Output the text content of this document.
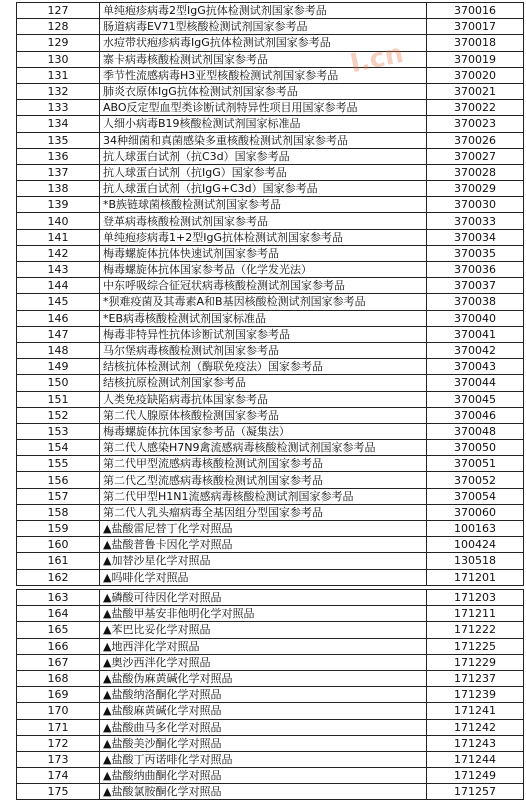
127	单纯疱疹病毒2型IgG抗体检测试剂国家参考品	370016
128	肠道病毒EV71型核酸检测试剂国家参考品	370017
129	水痘带状疱疹病毒IgG抗体检测试剂国家参考品	370018
130	寨卡病毒核酸检测试剂国家参考品	370019
131	季节性流感病毒H3亚型核酸检测试剂国家参考品	370020
132	肺炎衣原体IgG抗体检测试剂国家参考品	370021
133	ABO反定型血型类诊断试剂特异性项目用国家参考品	370022
134	人细小病毒B19核酸检测试剂国家标准品	370023
135	34种细菌和真菌感染多重核酸检测试剂国家参考品	370026
136	抗人球蛋白试剂（抗C3d）国家参考品	370027
137	抗人球蛋白试剂（抗IgG）国家参考品	370028
138	抗人球蛋白试剂（抗IgG+C3d）国家参考品	370029
139	*B族链球菌核酸检测试剂国家参考品	370030
140	登革病毒核酸检测试剂国家参考品	370033
141	单纯疱疹病毒1+2型IgG抗体检测试剂国家参考品	370034
142	梅毒螺旋体抗体快速试剂国家参考品	370035
143	梅毒螺旋体抗体国家参考品（化学发光法）	370036
144	中东呼吸综合征冠状病毒核酸检测试剂国家参考品	370037
145	*狈难疫菌及其毒素A和B基因核酸检测试剂国家参考品	370038
146	*EB病毒核酸检测试剂国家标准品	370040
147	梅毒非特异性抗体诊断试剂国家参考品	370041
148	马尔堡病毒核酸检测试剂国家参考品	370042
149	结核抗体检测试剂（酶联免疫法）国家参考品	370043
150	结核抗原检测试剂国家参考品	370044
151	人类免疫缺陷病毒抗体国家参考品	370045
152	第二代人腺原体核酸检测国家参考品	370046
153	梅毒螺旋体抗体国家参考品（凝集法）	370048
154	第二代人感染H7N9禽流感病毒核酸检测试剂国家参考品	370050
155	第二代甲型流感病毒核酸检测试剂国家参考品	370051
156	第二代乙型流感病毒核酸检测试剂国家参考品	370052
157	第二代甲型H1N1流感病毒核酸检测试剂国家参考品	370054
158	第二代人乳头瘤病毒全基因组分型国家参考品	370060
159	▲盐酸雷尼替丁化学对照品	100163
160	▲盐酸普鲁卡因化学对照品	100424
161	▲加替沙星化学对照品	130518
162	▲吗啡化学对照品	171201
163	▲磷酸可待因化学对照品	171203
164	▲盐酸甲基安非他明化学对照品	171211
165	▲苯巴比妥化学对照品	171222
166	▲地西泮化学对照品	171225
167	▲奥沙西泮化学对照品	171229
168	▲盐酸伪麻黄碱化学对照品	171237
169	▲盐酸纳洛酮化学对照品	171239
170	▲盐酸麻黄碱化学对照品	171241
171	▲盐酸曲马多化学对照品	171242
172	▲盐酸美沙酮化学对照品	171243
173	▲盐酸丁丙诺啡化学对照品	171244
174	▲盐酸纳曲酮化学对照品	171249
175	▲盐酸氯胺酮化学对照品	171257
I.cn
